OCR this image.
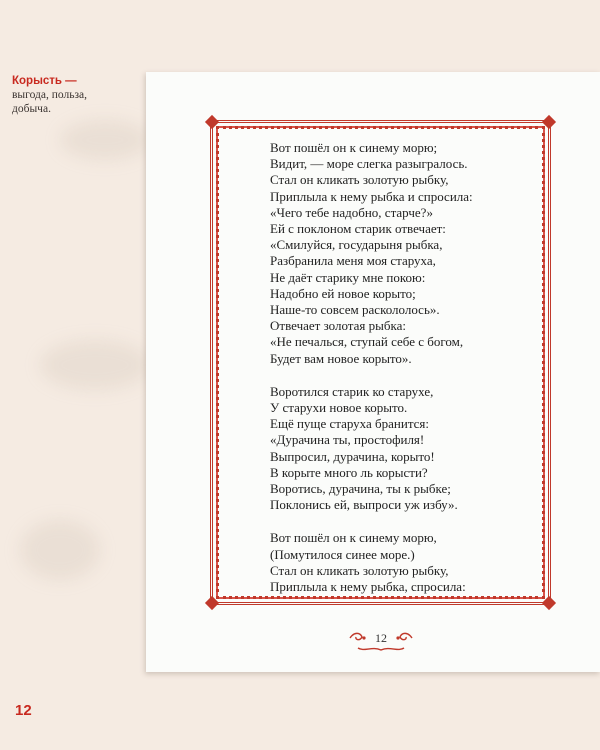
Корысть —
выгода, польза,
добыча.
Вот пошёл он к синему морю;
Видит, — море слегка разыгралось.
Стал он кликать золотую рыбку,
Приплыла к нему рыбка и спросила:
«Чего тебе надобно, старче?»
Ей с поклоном старик отвечает:
«Смилуйся, государыня рыбка,
Разбранила меня моя старуха,
Не даёт старику мне покою:
Надобно ей новое корыто;
Наше-то совсем раскололось».
Отвечает золотая рыбка:
«Не печалься, ступай себе с богом,
Будет вам новое корыто».
Воротился старик ко старухе,
У старухи новое корыто.
Ещё пуще старуха бранится:
«Дурачина ты, простофиля!
Выпросил, дурачина, корыто!
В корыте много ль корысти?
Воротись, дурачина, ты к рыбке;
Поклонись ей, выпроси уж избу».
Вот пошёл он к синему морю,
(Помутилося синее море.)
Стал он кликать золотую рыбку,
Приплыла к нему рыбка, спросила:
12
12
